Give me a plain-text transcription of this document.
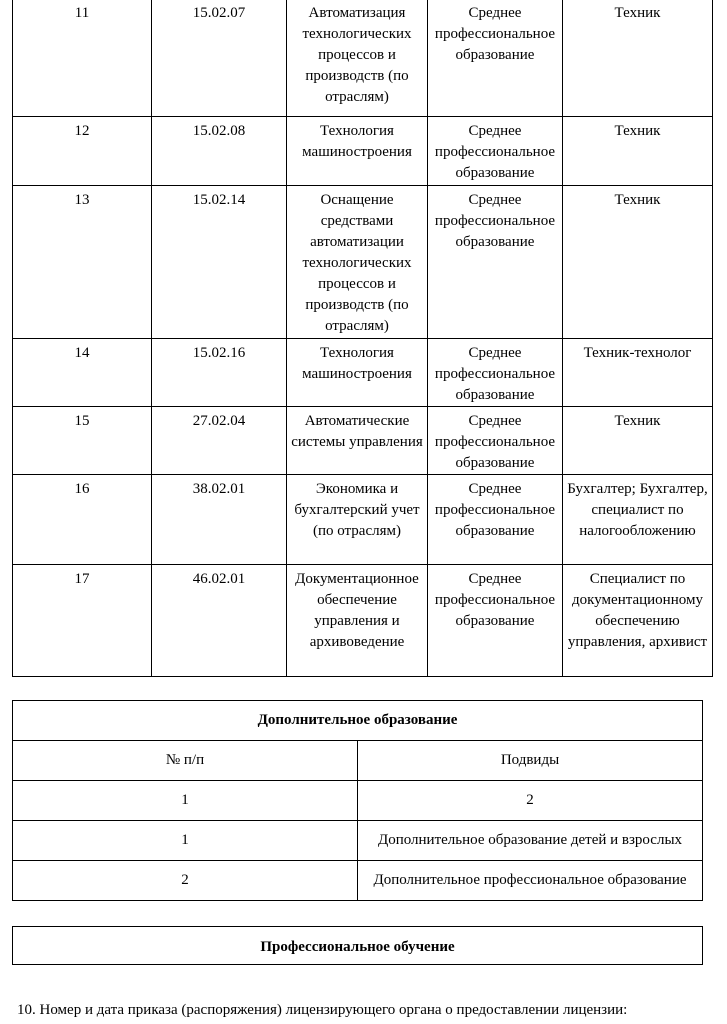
11	15.02.07	Автоматизация технологических процессов и производств (по отраслям)	Среднее профессиональное образование	Техник
12	15.02.08	Технология машиностроения	Среднее профессиональное образование	Техник
13	15.02.14	Оснащение средствами автоматизации технологических процессов и производств (по отраслям)	Среднее профессиональное образование	Техник
14	15.02.16	Технология машиностроения	Среднее профессиональное образование	Техник-технолог
15	27.02.04	Автоматические системы управления	Среднее профессиональное образование	Техник
16	38.02.01	Экономика и бухгалтерский учет (по отраслям)	Среднее профессиональное образование	Бухгалтер; Бухгалтер, специалист по налогообложению
17	46.02.01	Документационное обеспечение управления и архивоведение	Среднее профессиональное образование	Специалист по документационному обеспечению управления, архивист
Дополнительное образование	
№ п/п	Подвиды
1	2
1	Дополнительное образование детей и взрослых
2	Дополнительное профессиональное образование
Профессиональное обучение
10. Номер и дата приказа (распоряжения) лицензирующего органа о предоставлении лицензии:
